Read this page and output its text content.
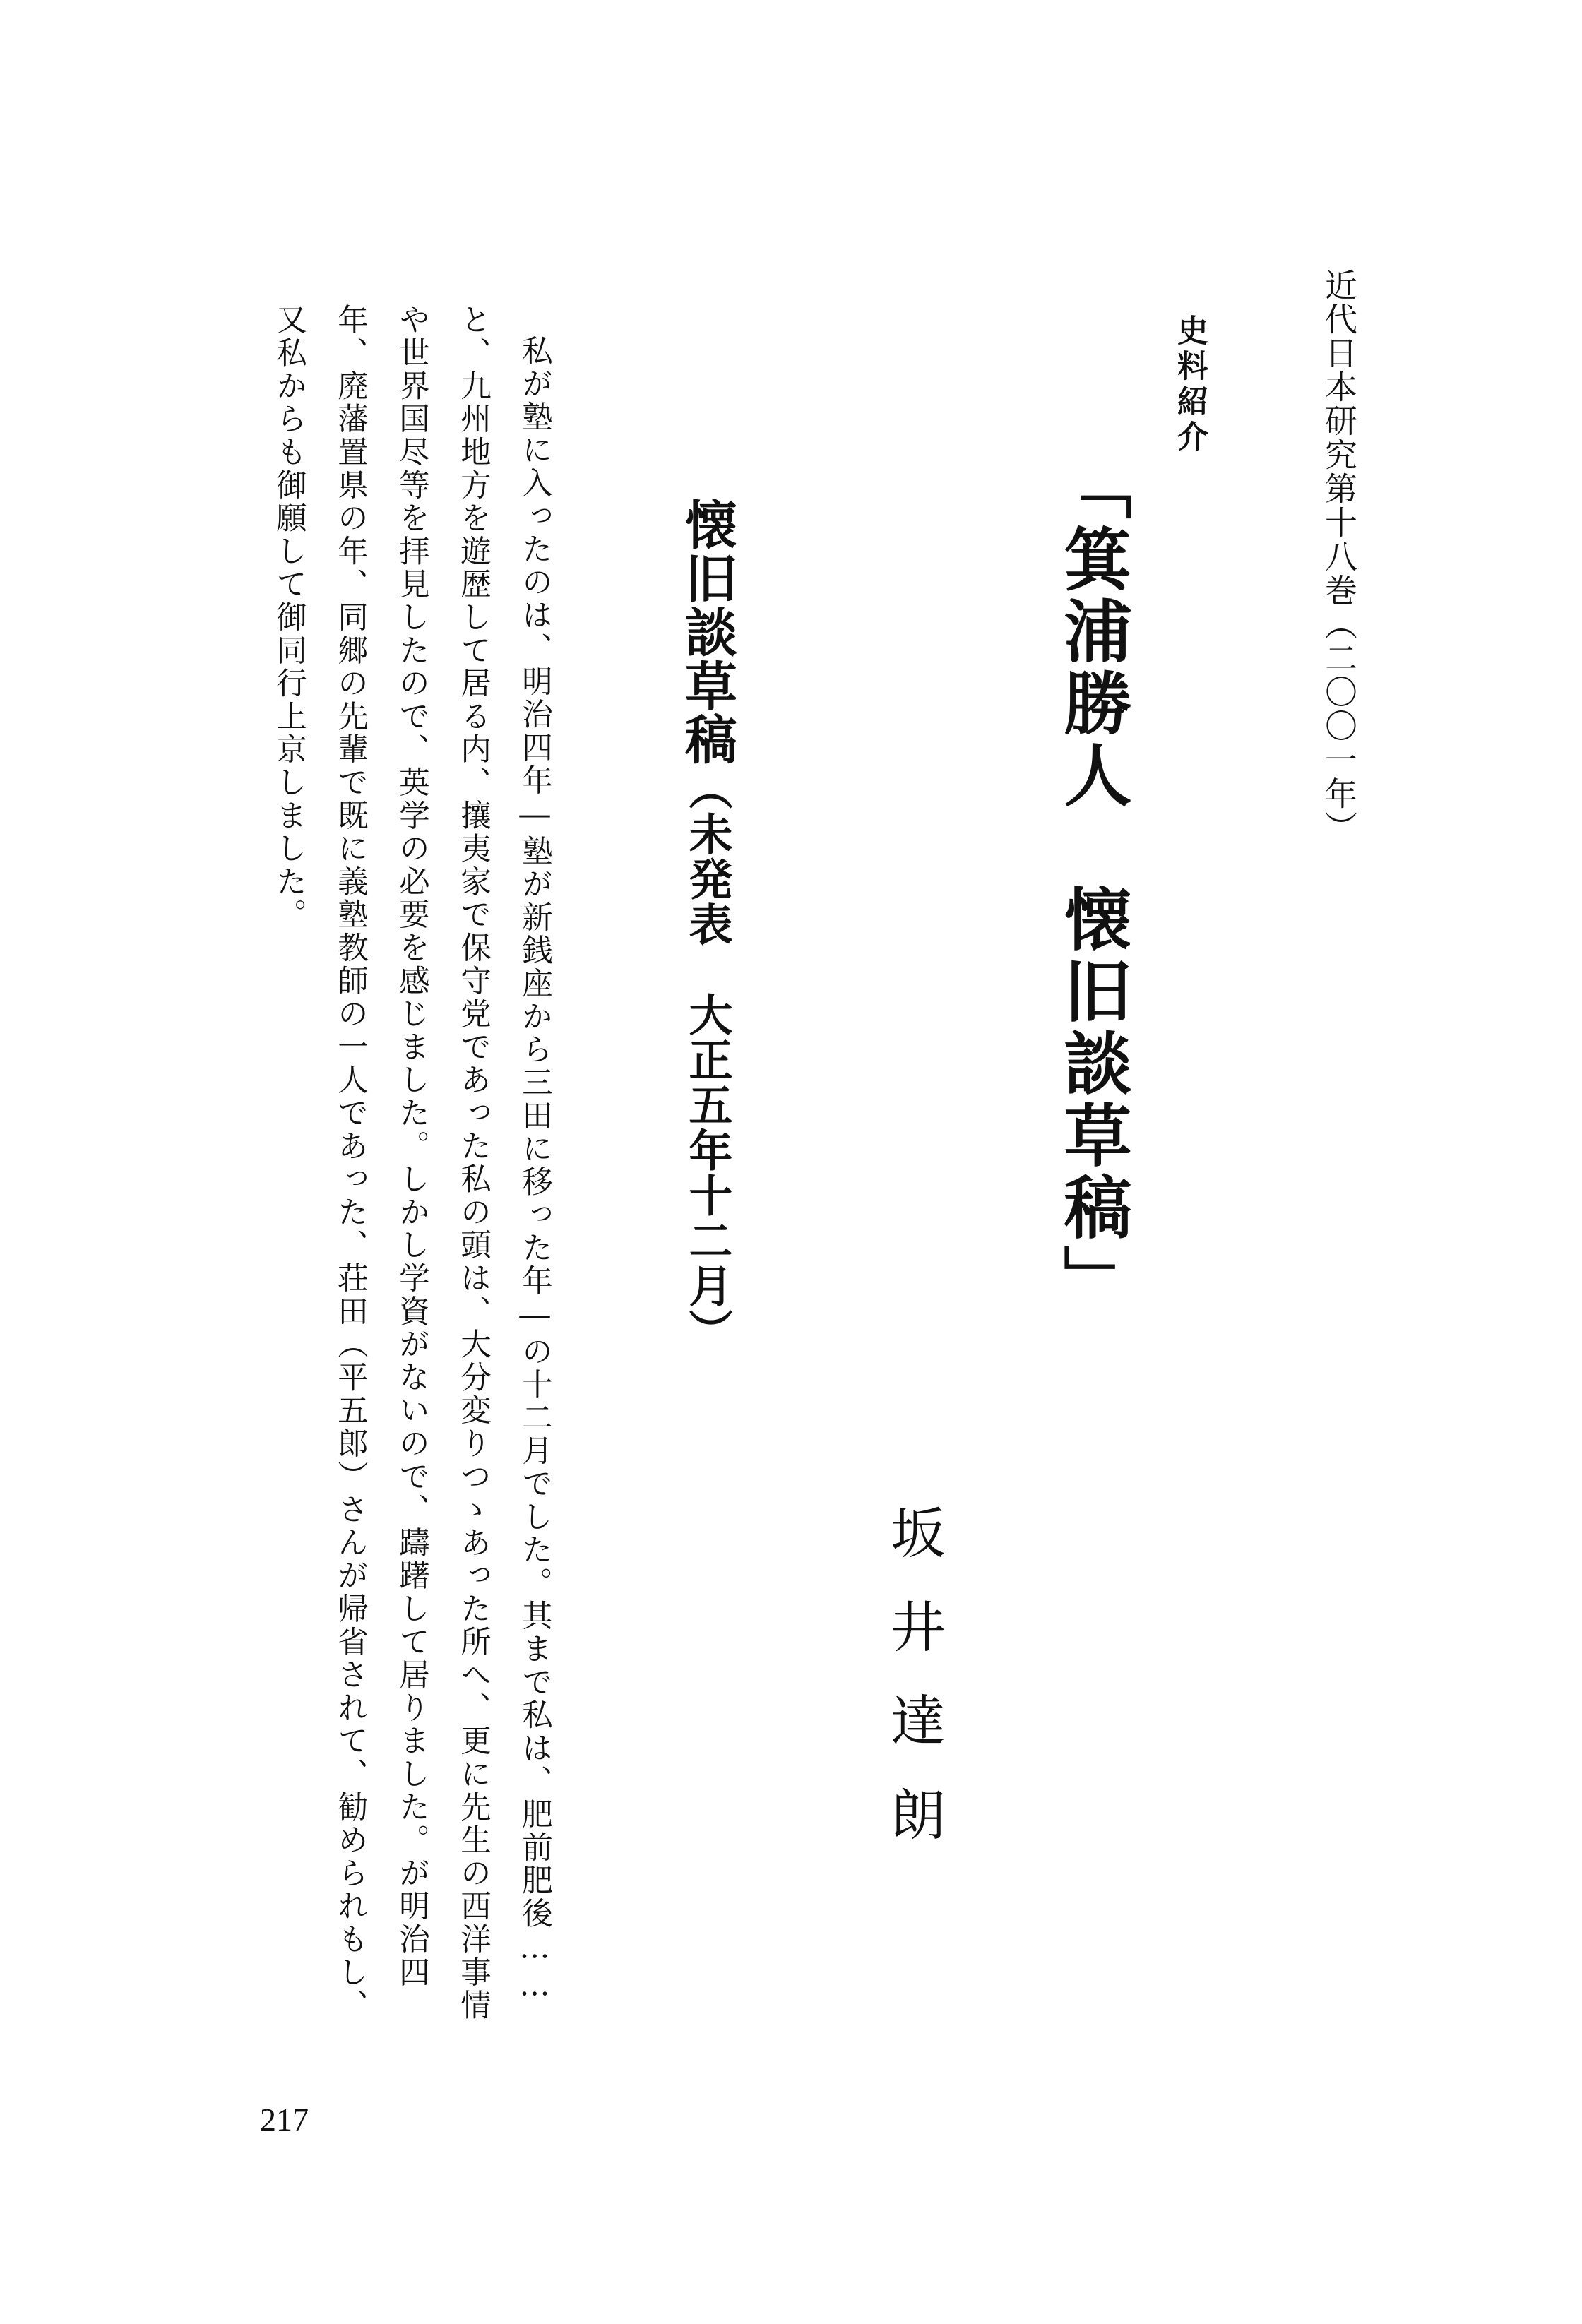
近代日本研究第十八巻（二〇〇一年）
史料紹介
「箕浦勝人　懐旧談草稿」
懐旧談草稿（未発表　大正五年十二月）
坂井達朗

私が塾に入ったのは、明治四年―塾が新銭座から三田に移った年―の十二月でした。其まで私は、肥前肥後……と、九州地方を遊歴して居る内、攘夷家で保守党であった私の頭は、大分変りつゝあった所へ、更に先生の西洋事情や世界国尽等を拝見したので、英学の必要を感じました。しかし学資がないので、躊躇して居りました。が明治四年、廃藩置県の年、同郷の先輩で既に義塾教師の一人であった、荘田（平五郎）さんが帰省されて、勧められもし、又私からも御願して御同行上京しました。

217
